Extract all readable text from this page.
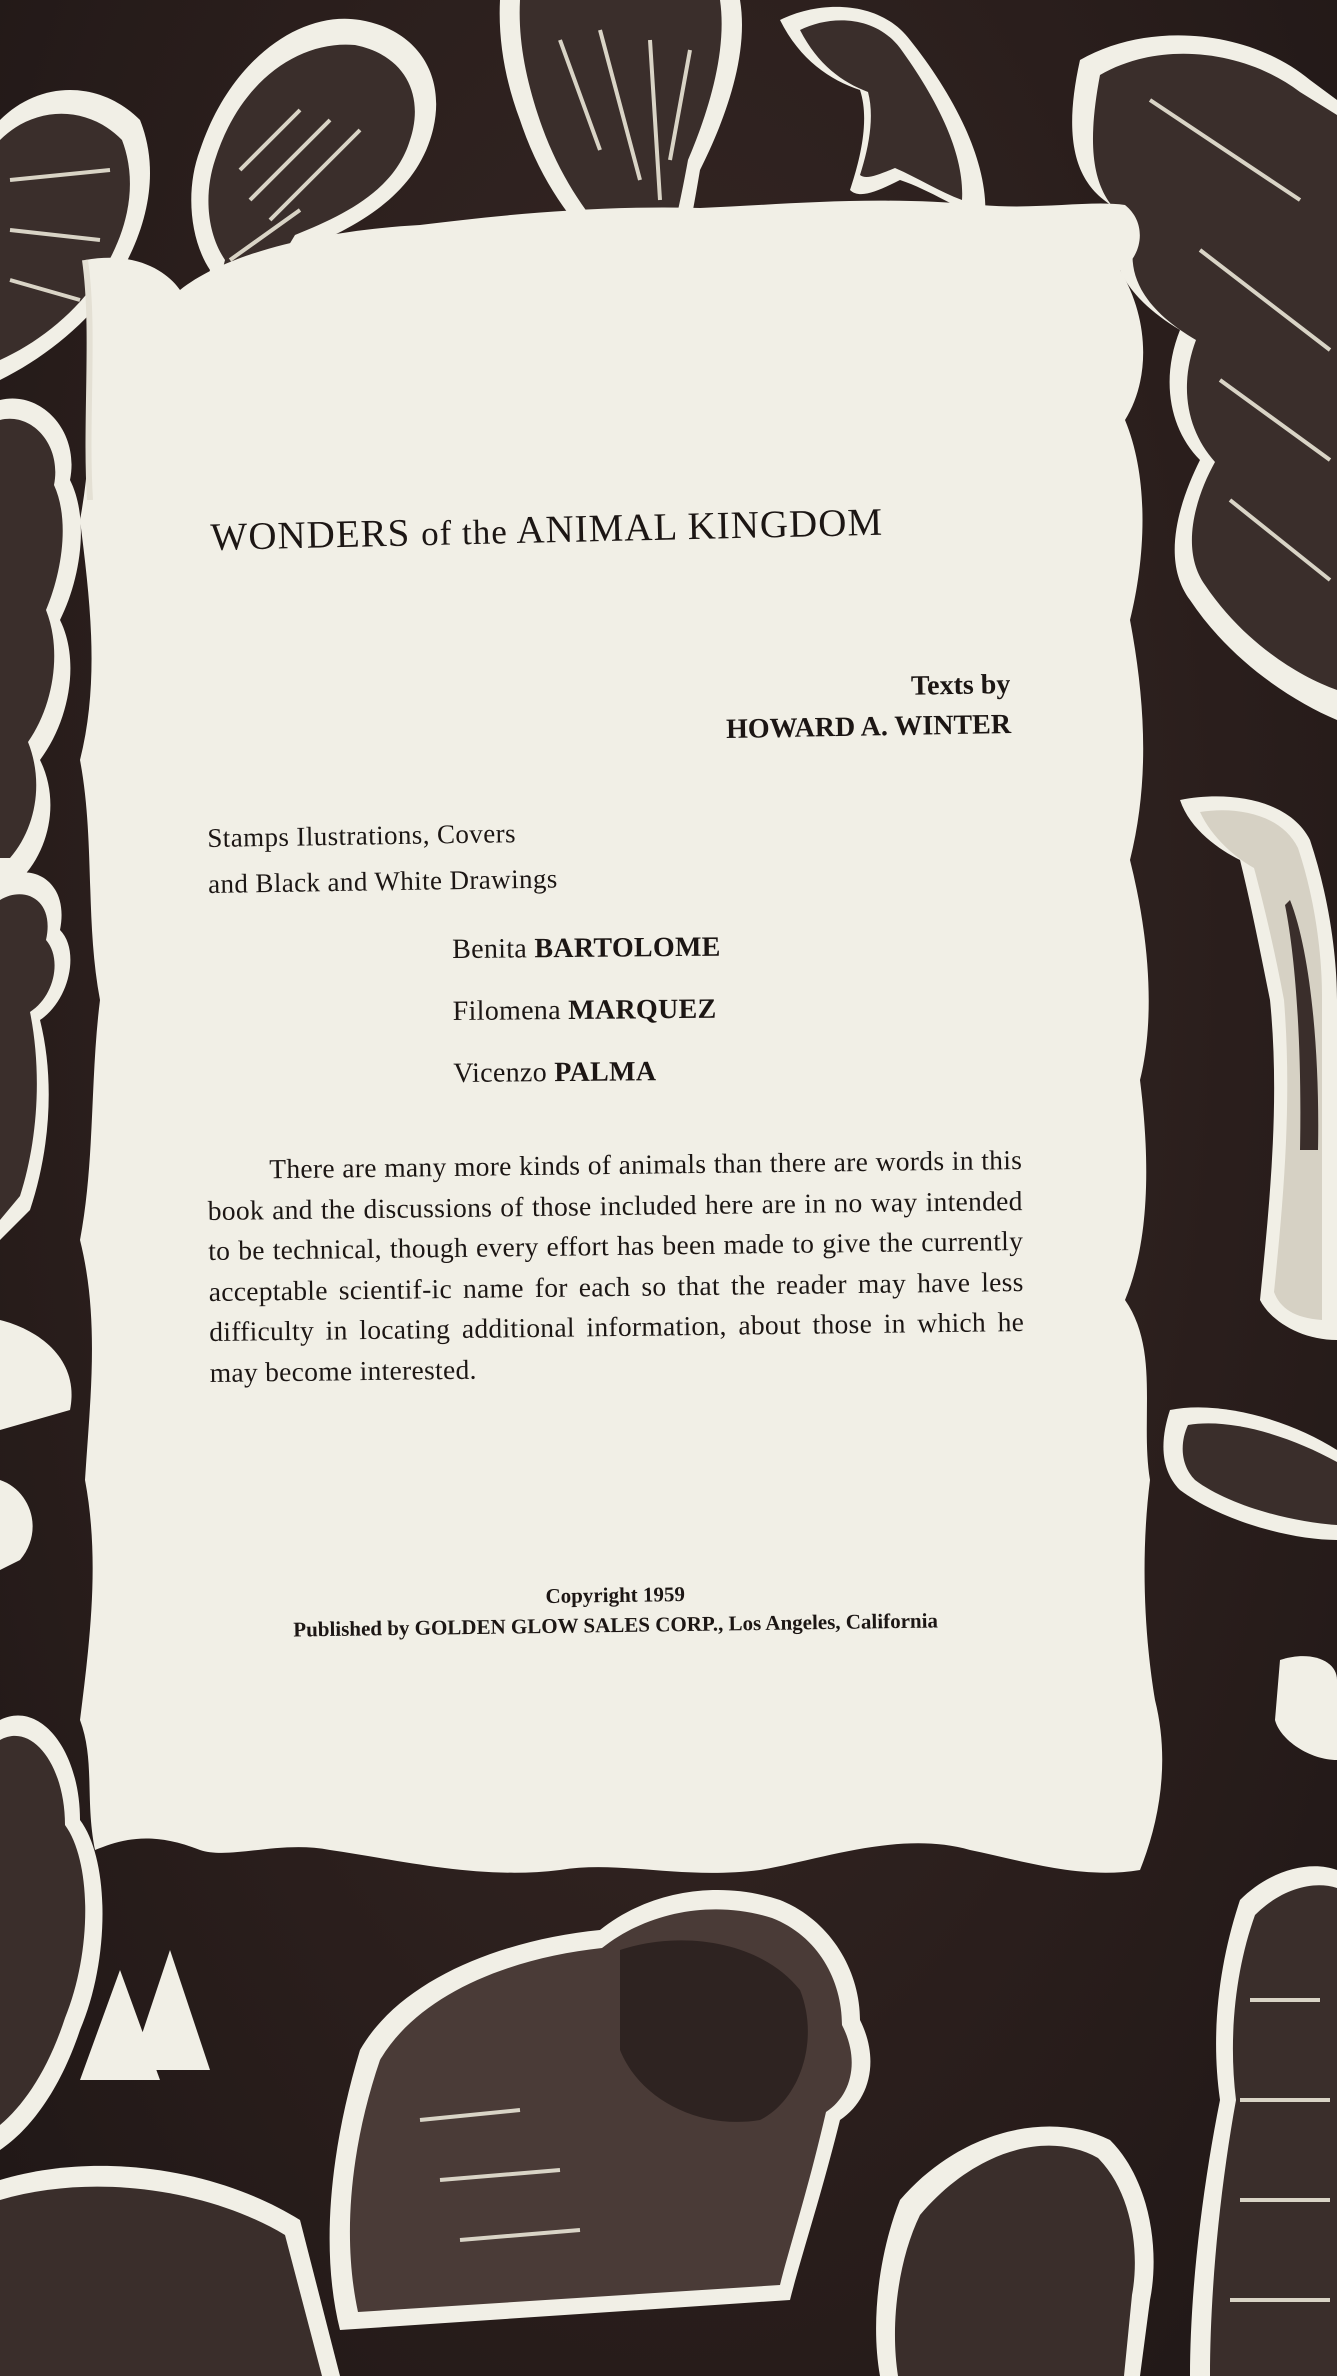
WONDERS of the ANIMAL KINGDOM
Texts by
HOWARD A. WINTER
Stamps Ilustrations, Covers
and Black and White Drawings
Benita BARTOLOME
Filomena MARQUEZ
Vicenzo PALMA
There are many more kinds of animals than there are words in this book and the discussions of those included here are in no way intended to be technical, though every effort has been made to give the currently acceptable scientif-ic name for each so that the reader may have less difficulty in locating additional information, about those in which he may become interested.
Copyright 1959
Published by GOLDEN GLOW SALES CORP., Los Angeles, California
